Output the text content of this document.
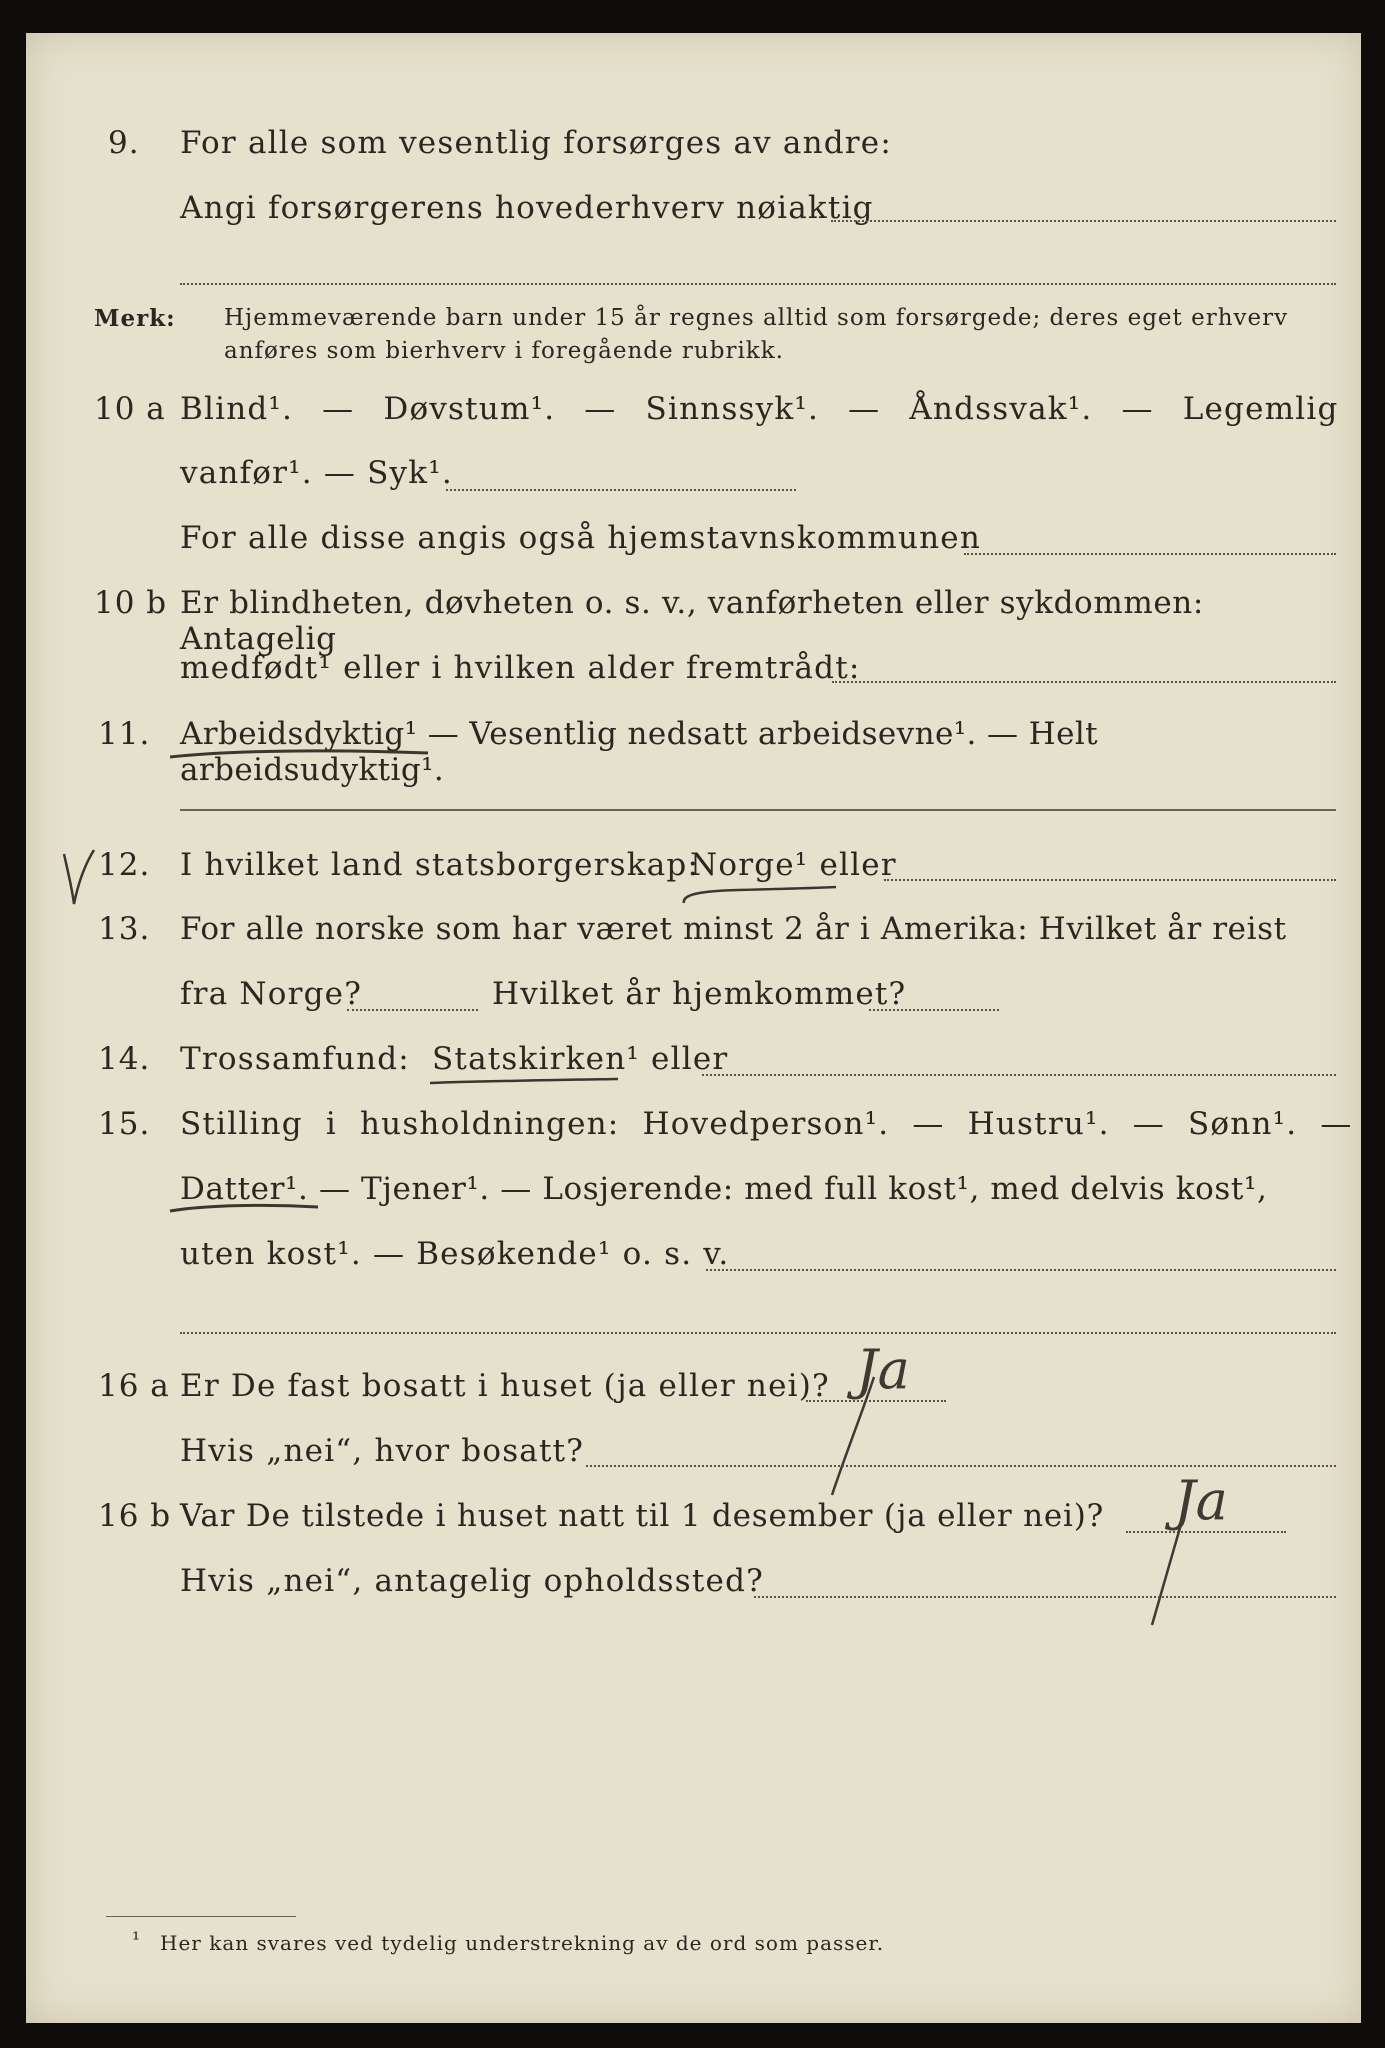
9. For alle som vesentlig forsørges av andre:
Angi forsørgerens hovederhverv nøiaktig
Merk: Hjemmeværende barn under 15 år regnes alltid som forsørgede; deres eget erhverv
anføres som bierhverv i foregående rubrikk.
10 a Blind¹. — Døvstum¹. — Sinnssyk¹. — Åndssvak¹. — Legemlig
vanfør¹. — Syk¹.
For alle disse angis også hjemstavnskommunen
10 b Er blindheten, døvheten o. s. v., vanførheten eller sykdommen: Antagelig
medfødt¹ eller i hvilken alder fremtrådt:
11. Arbeidsdyktig¹ — Vesentlig nedsatt arbeidsevne¹. — Helt arbeidsudyktig¹.
12. I hvilket land statsborgerskap:
Norge¹ eller
13. For alle norske som har været minst 2 år i Amerika: Hvilket år reist
fra Norge?	Hvilket år hjemkommet?
14. Trossamfund: Statskirken¹ eller
15. Stilling i husholdningen: Hovedperson¹. — Hustru¹. — Sønn¹. —
Datter¹. — Tjener¹. — Losjerende: med full kost¹, med delvis kost¹,
uten kost¹. — Besøkende¹ o. s. v.
16 a Er De fast bosatt i huset (ja eller nei)? Ja
Hvis „nei“, hvor bosatt?
16 b Var De tilstede i huset natt til 1 desember (ja eller nei)? Ja
Hvis „nei“, antagelig opholdssted?
¹ Her kan svares ved tydelig understrekning av de ord som passer.
